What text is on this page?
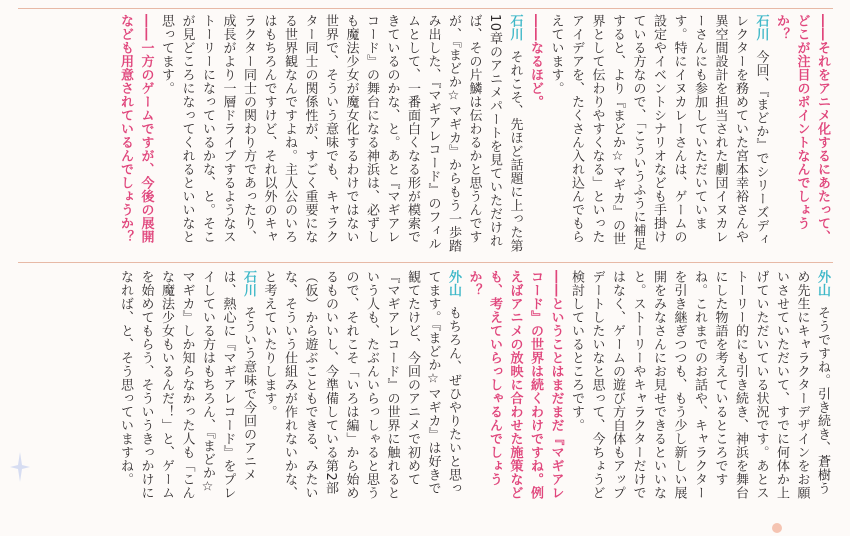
――それをアニメ化するにあたって、どこが注目のポイントなんでしょうか？

石川今回、『まどか』でシリーズディレクターを務めていた宮本幸裕さんや異空間設計を担当された劇団イヌカレーさんにも参加していただいています。特にイヌカレーさんは、ゲームの設定やイベントシナリオなども手掛けている方なので、「こういうふうに補足すると、より『まどか☆マギカ』の世界として伝わりやすくなる」といったアイデアを、たくさん入れ込んでもらえています。

――なるほど。

石川それこそ、先ほど話題に上った第10章のアニメパートを見ていただければ、その片鱗は伝わるかと思うんですが、『まどか☆マギカ』からもう一歩踏み出した、『マギアレコード』のフィルムとして、一番面白くなる形が模索できているのかな、と。あと『マギアレコード』の舞台になる神浜は、必ずしも魔法少女が魔女化するわけではない世界で、そういう意味でも、キャラクター同士の関係性が、すごく重要になる世界観なんですよね。主人公のいろはもちろんですけど、それ以外のキャラクター同士の関わり方であったり、成長がより一層ドライブするようなストーリーになっているかな、と。そこが見どころになってくれるといいなと思ってます。

――一方のゲームですが、今後の展開なども用意されているんでしょうか？

外山そうですね。引き続き、蒼樹うめ先生にキャラクターデザインをお願いさせていただいて、すでに何体か上げていただいている状況です。あとストーリー的にも引き続き、神浜を舞台にした物語を考えているところですね。これまでのお話や、キャラクターを引き継ぎつつも、もう少し新しい展開をみなさんにお見せできるといいなと。ストーリーやキャラクターだけではなく、ゲームの遊び方自体もアップデートしたいなと思って、今ちょうど検討しているところです。

――ということはまだまだ『マギアレコード』の世界は続くわけですね。例えばアニメの放映に合わせた施策なども、考えていらっしゃるんでしょうか？

外山もちろん、ぜひやりたいと思ってます。『まどか☆マギカ』は好きで観てたけど、今回のアニメで初めて『マギアレコード』の世界に触れるという人も、たぶんいらっしゃると思うので、それこそ「いろは編」から始めるものいいし、今準備している第2部（仮）から遊ぶこともできる、みたいな、そういう仕組みが作れないかな、と考えていたりします。

石川そういう意味で今回のアニメは、熱心に『マギアレコード』をプレイしている方はもちろん、『まどか☆マギカ』しか知らなかった人も「こんな魔法少女もいるんだ！」と、ゲームを始めてもらう、そういうきっかけになれば、と、そう思っていますね。
